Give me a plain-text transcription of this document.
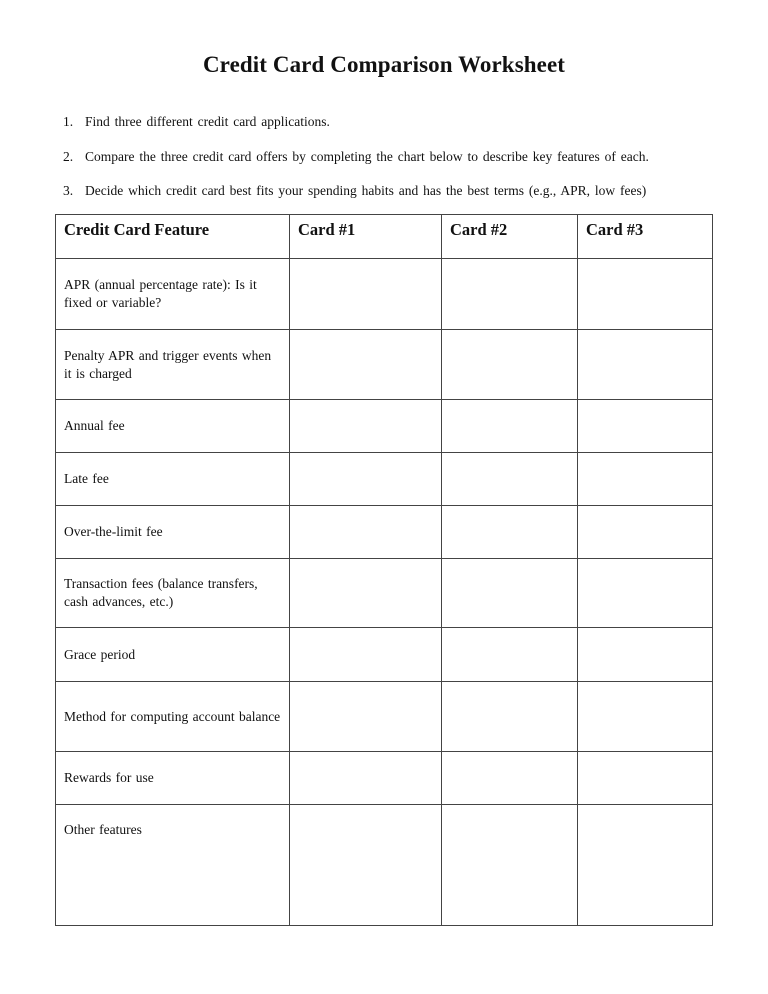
Credit Card Comparison Worksheet
1. Find three different credit card applications.
2. Compare the three credit card offers by completing the chart below to describe key features of each.
3. Decide which credit card best fits your spending habits and has the best terms (e.g., APR, low fees)
Credit Card Feature	Card #1	Card #2	Card #3
APR (annual percentage rate): Is it fixed or variable?			
Penalty APR and trigger events when it is charged			
Annual fee			
Late fee			
Over-the-limit fee			
Transaction fees (balance transfers, cash advances, etc.)			
Grace period			
Method for computing account balance			
Rewards for use			
Other features			
